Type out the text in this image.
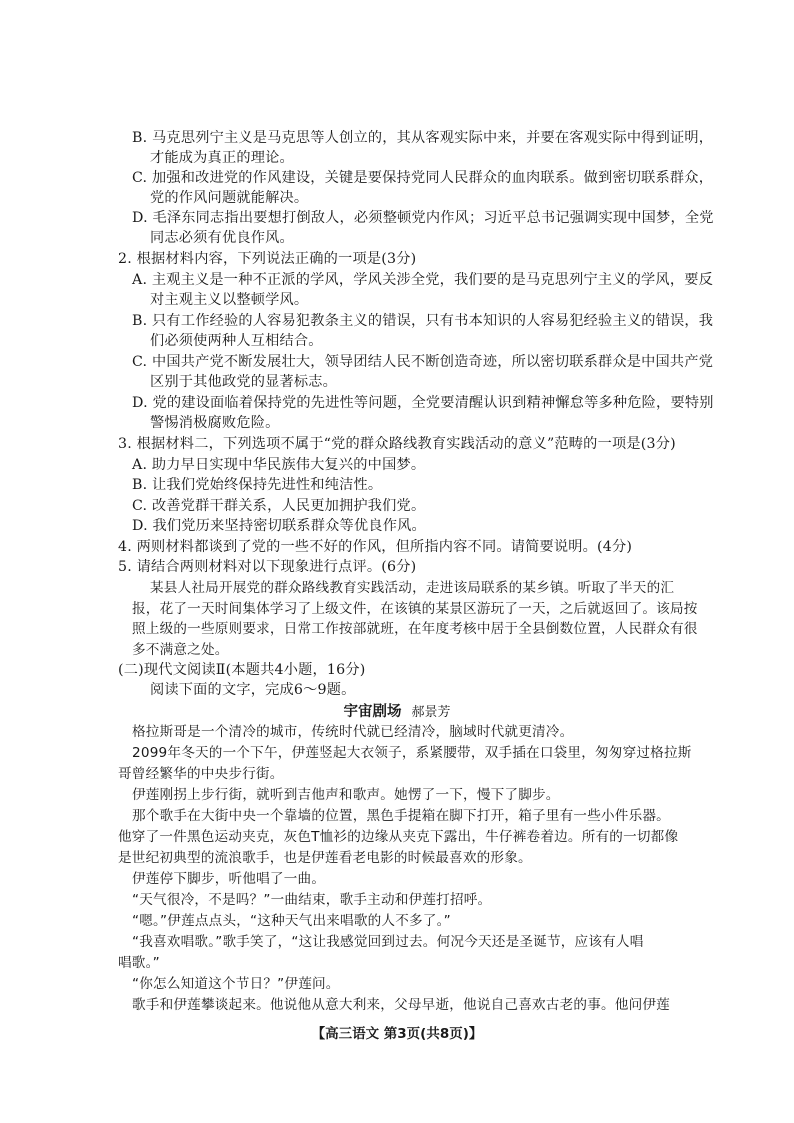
B. 马克思列宁主义是马克思等人创立的，其从客观实际中来，并要在客观实际中得到证明，
才能成为真正的理论。
C. 加强和改进党的作风建设，关键是要保持党同人民群众的血肉联系。做到密切联系群众，
党的作风问题就能解决。
D. 毛泽东同志指出要想打倒敌人，必须整顿党内作风；习近平总书记强调实现中国梦，全党
同志必须有优良作风。
2. 根据材料内容，下列说法正确的一项是(3分)
A. 主观主义是一种不正派的学风，学风关涉全党，我们要的是马克思列宁主义的学风，要反
对主观主义以整顿学风。
B. 只有工作经验的人容易犯教条主义的错误，只有书本知识的人容易犯经验主义的错误，我
们必须使两种人互相结合。
C. 中国共产党不断发展壮大，领导团结人民不断创造奇迹，所以密切联系群众是中国共产党
区别于其他政党的显著标志。
D. 党的建设面临着保持党的先进性等问题，全党要清醒认识到精神懈怠等多种危险，要特别
警惕消极腐败危险。
3. 根据材料二，下列选项不属于“党的群众路线教育实践活动的意义”范畴的一项是(3分)
A. 助力早日实现中华民族伟大复兴的中国梦。
B. 让我们党始终保持先进性和纯洁性。
C. 改善党群干群关系，人民更加拥护我们党。
D. 我们党历来坚持密切联系群众等优良作风。
4. 两则材料都谈到了党的一些不好的作风，但所指内容不同。请简要说明。(4分)
5. 请结合两则材料对以下现象进行点评。(6分)
某县人社局开展党的群众路线教育实践活动，走进该局联系的某乡镇。听取了半天的汇
报，花了一天时间集体学习了上级文件，在该镇的某景区游玩了一天，之后就返回了。该局按
照上级的一些原则要求，日常工作按部就班，在年度考核中居于全县倒数位置，人民群众有很
多不满意之处。
(二)现代文阅读Ⅱ(本题共4小题，16分)
阅读下面的文字，完成6～9题。
格拉斯哥是一个清冷的城市，传统时代就已经清冷，脑域时代就更清冷。
2099年冬天的一个下午，伊莲竖起大衣领子，系紧腰带，双手插在口袋里，匆匆穿过格拉斯
哥曾经繁华的中央步行街。
伊莲刚拐上步行街，就听到吉他声和歌声。她愣了一下，慢下了脚步。
那个歌手在大街中央一个靠墙的位置，黑色手提箱在脚下打开，箱子里有一些小件乐器。
他穿了一件黑色运动夹克，灰色T恤衫的边缘从夹克下露出，牛仔裤卷着边。所有的一切都像
是世纪初典型的流浪歌手，也是伊莲看老电影的时候最喜欢的形象。
伊莲停下脚步，听他唱了一曲。
“天气很冷，不是吗？”一曲结束，歌手主动和伊莲打招呼。
“嗯。”伊莲点点头，“这种天气出来唱歌的人不多了。”
“我喜欢唱歌。”歌手笑了，“这让我感觉回到过去。何况今天还是圣诞节，应该有人唱
唱歌。”
“你怎么知道这个节日？”伊莲问。
歌手和伊莲攀谈起来。他说他从意大利来，父母早逝，他说自己喜欢古老的事。他问伊莲
宇宙剧场 郝景芳
【高三语文 第3页(共8页)】
